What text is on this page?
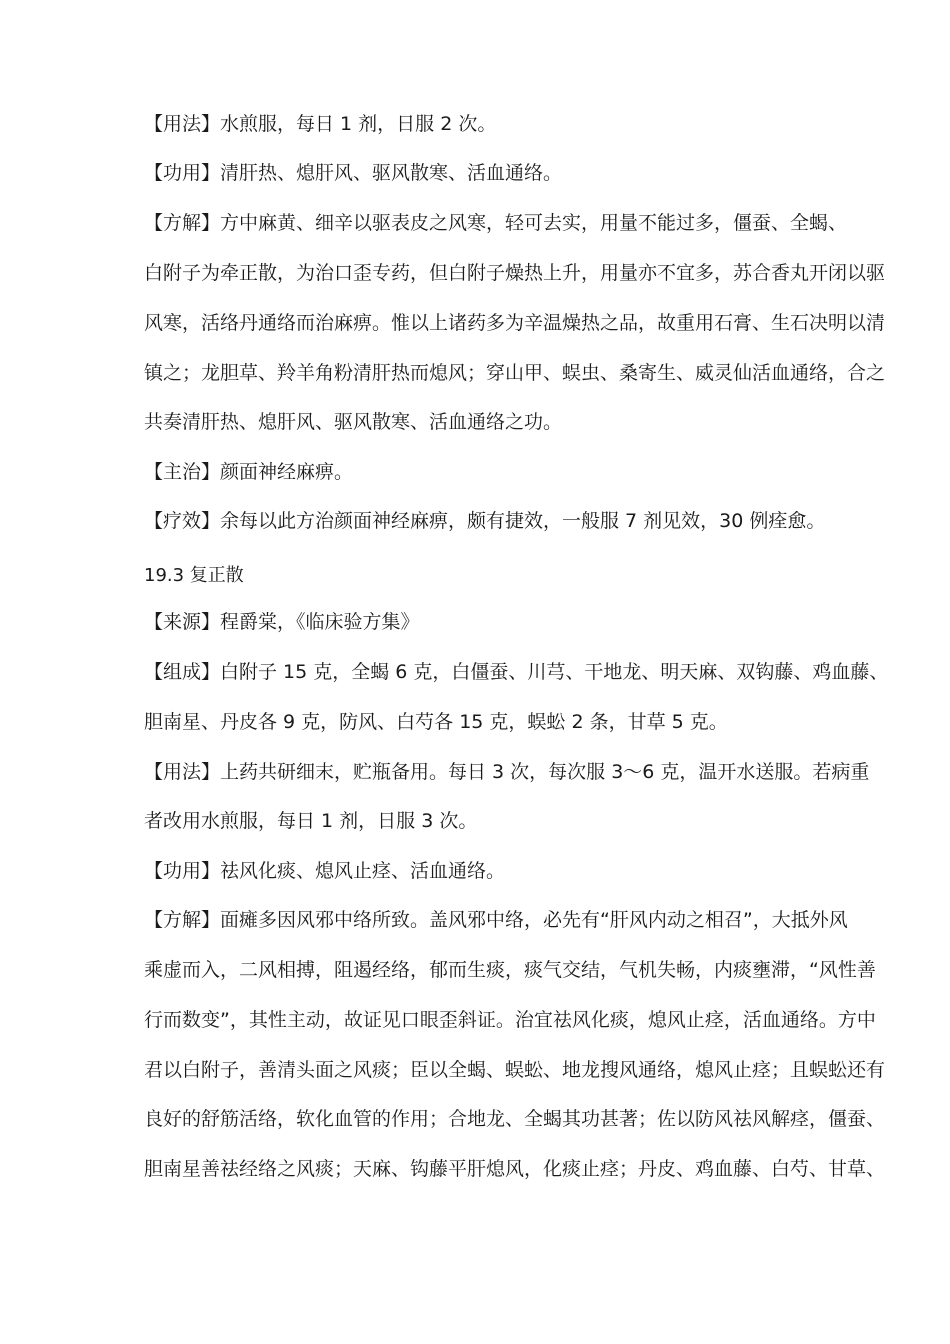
【用法】水煎服，每日 1 剂，日服 2 次。
【功用】清肝热、熄肝风、驱风散寒、活血通络。
【方解】方中麻黄、细辛以驱表皮之风寒，轻可去实，用量不能过多，僵蚕、全蝎、
白附子为牵正散，为治口歪专药，但白附子燥热上升，用量亦不宜多，苏合香丸开闭以驱
风寒，活络丹通络而治麻痹。惟以上诸药多为辛温燥热之品，故重用石膏、生石决明以清
镇之；龙胆草、羚羊角粉清肝热而熄风；穿山甲、蜈虫、桑寄生、威灵仙活血通络，合之
共奏清肝热、熄肝风、驱风散寒、活血通络之功。
【主治】颜面神经麻痹。
【疗效】余每以此方治颜面神经麻痹，颇有捷效，一般服 7 剂见效，30 例痊愈。
19.3 复正散
【来源】程爵棠，《临床验方集》
【组成】白附子 15 克，全蝎 6 克，白僵蚕、川芎、干地龙、明天麻、双钩藤、鸡血藤、
胆南星、丹皮各 9 克，防风、白芍各 15 克，蜈蚣 2 条，甘草 5 克。
【用法】上药共研细末，贮瓶备用。每日 3 次，每次服 3～6 克，温开水送服。若病重
者改用水煎服，每日 1 剂，日服 3 次。
【功用】祛风化痰、熄风止痉、活血通络。
【方解】面瘫多因风邪中络所致。盖风邪中络，必先有“肝风内动之相召”，大抵外风
乘虚而入，二风相搏，阻遏经络，郁而生痰，痰气交结，气机失畅，内痰壅滞，“风性善
行而数变”，其性主动，故证见口眼歪斜证。治宜祛风化痰，熄风止痉，活血通络。方中
君以白附子，善清头面之风痰；臣以全蝎、蜈蚣、地龙搜风通络，熄风止痉；且蜈蚣还有
良好的舒筋活络，软化血管的作用；合地龙、全蝎其功甚著；佐以防风祛风解痉，僵蚕、
胆南星善祛经络之风痰；天麻、钩藤平肝熄风，化痰止痉；丹皮、鸡血藤、白芍、甘草、
